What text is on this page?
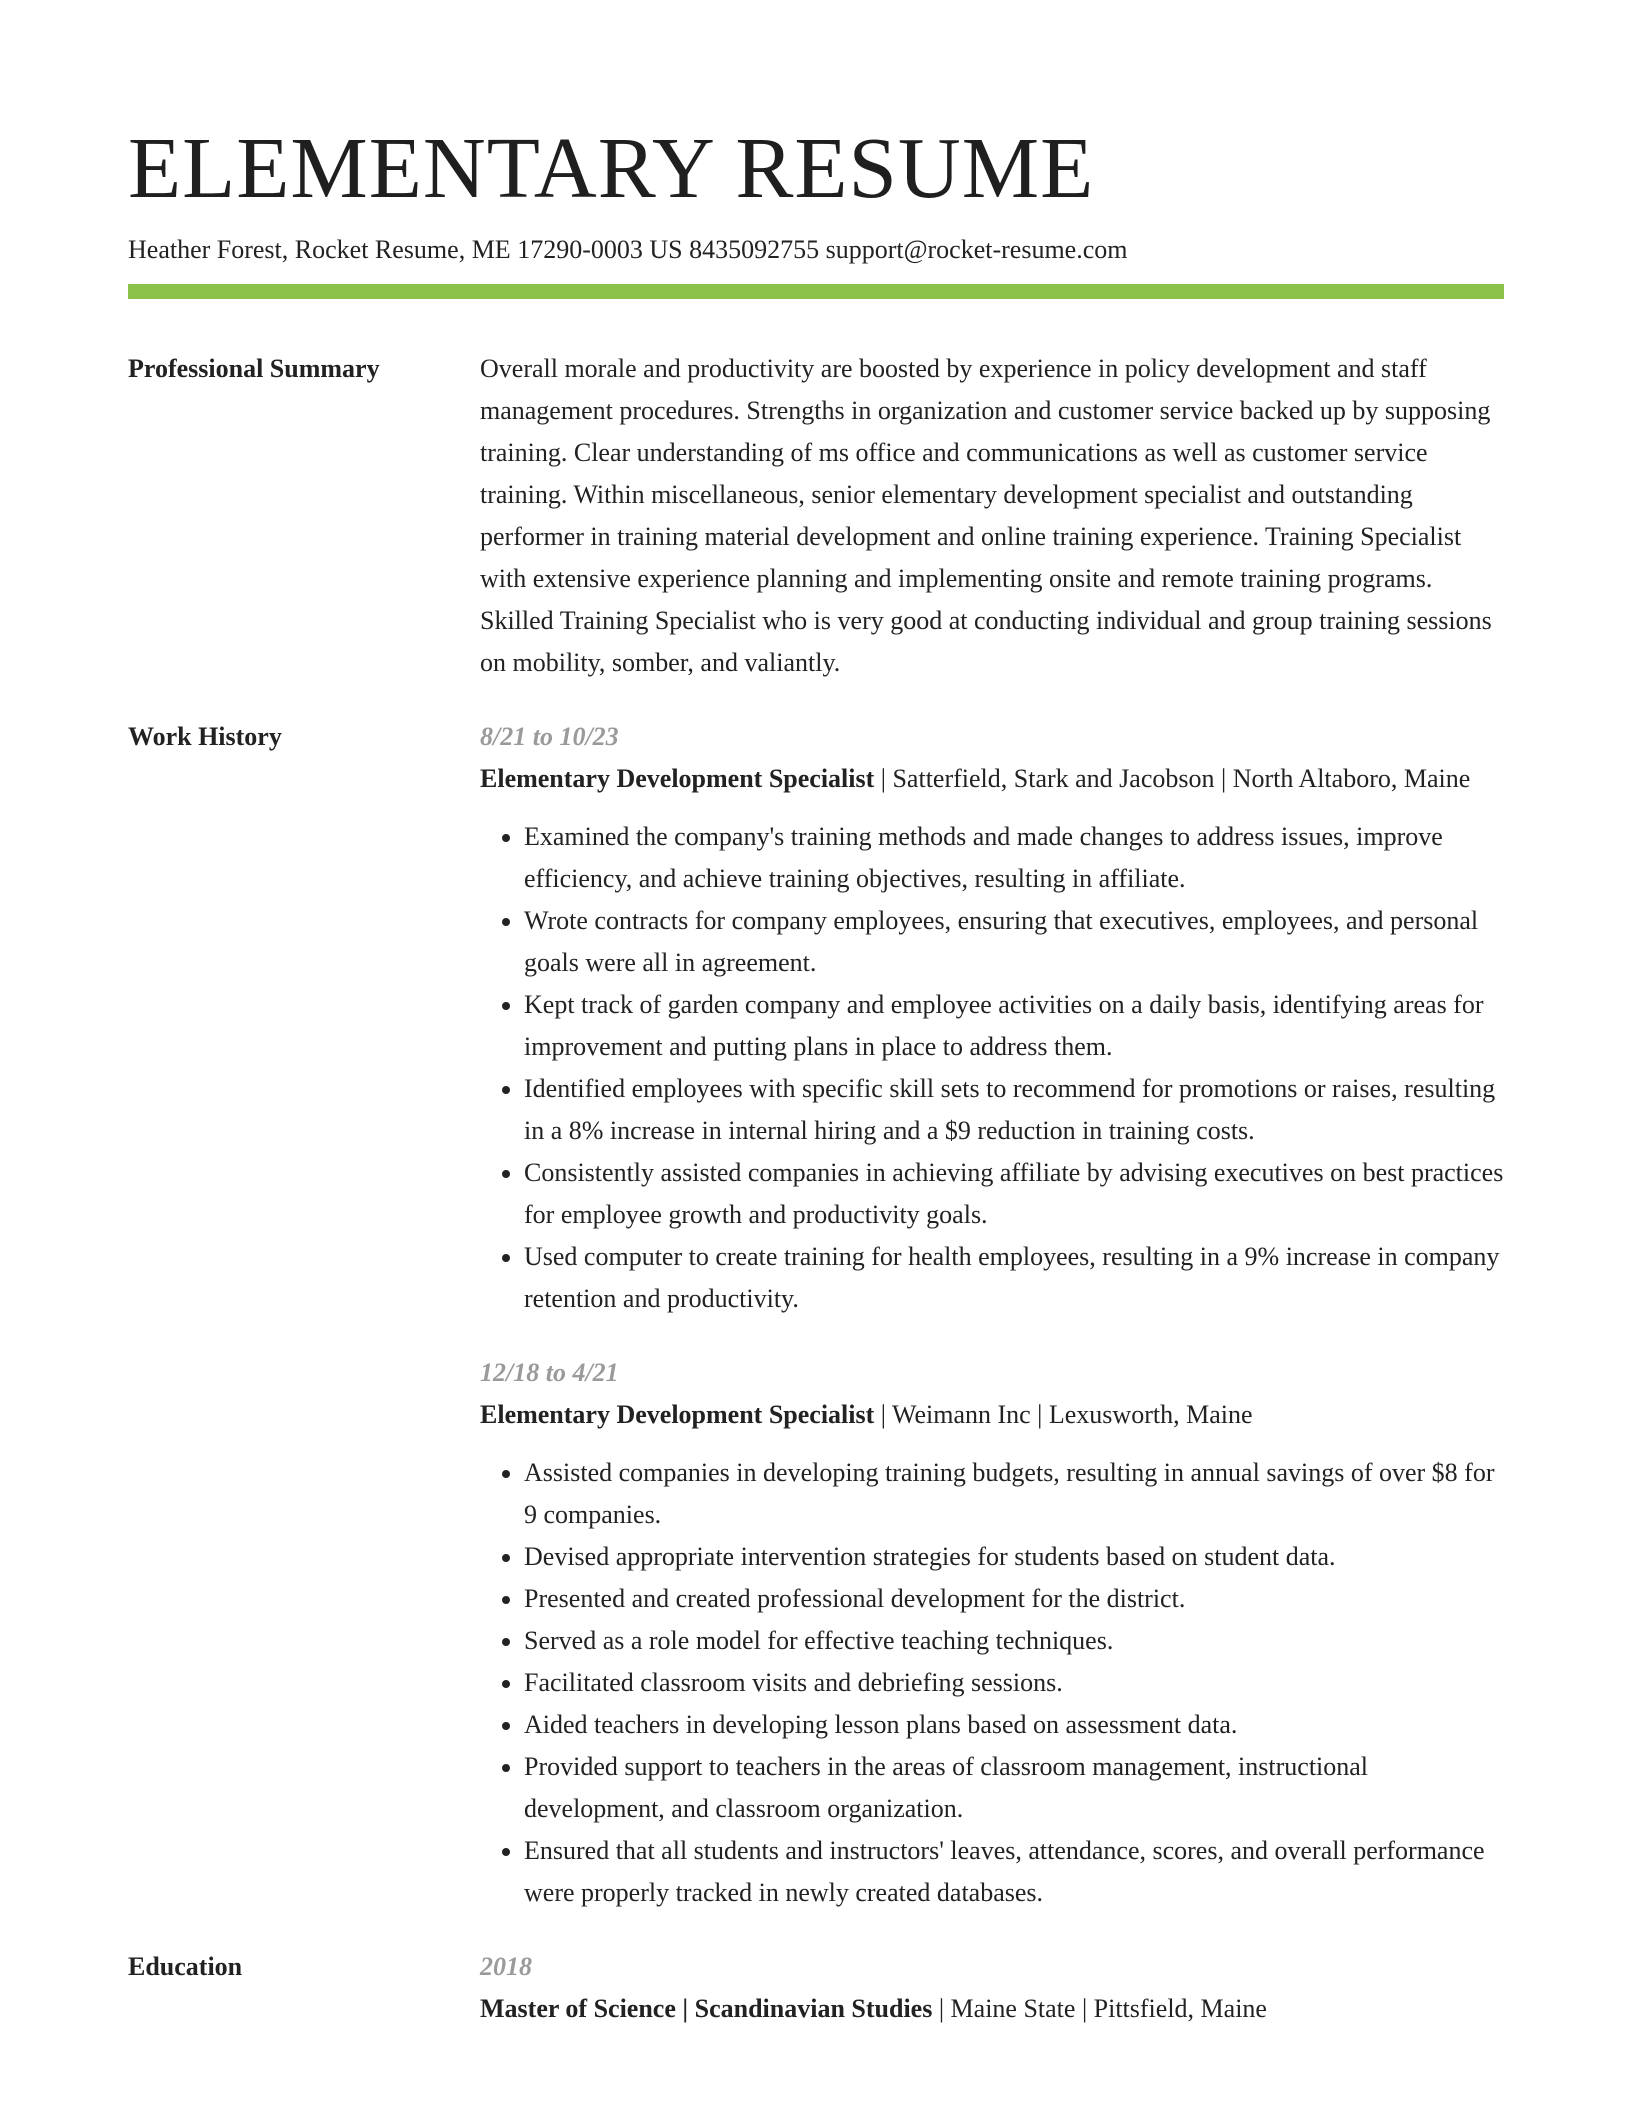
ELEMENTARY RESUME
Heather Forest, Rocket Resume, ME 17290-0003 US 8435092755 support@rocket-resume.com
Professional Summary	Overall morale and productivity are boosted by experience in policy development and staff management procedures. Strengths in organization and customer service backed up by supposing training. Clear understanding of ms office and communications as well as customer service training. Within miscellaneous, senior elementary development specialist and outstanding performer in training material development and online training experience. Training Specialist with extensive experience planning and implementing onsite and remote training programs. Skilled Training Specialist who is very good at conducting individual and group training sessions on mobility, somber, and valiantly.
Work History	8/21 to 10/23
Elementary Development Specialist | Satterfield, Stark and Jacobson | North Altaboro, Maine
• Examined the company's training methods and made changes to address issues, improve efficiency, and achieve training objectives, resulting in affiliate.
• Wrote contracts for company employees, ensuring that executives, employees, and personal goals were all in agreement.
• Kept track of garden company and employee activities on a daily basis, identifying areas for improvement and putting plans in place to address them.
• Identified employees with specific skill sets to recommend for promotions or raises, resulting in a 8% increase in internal hiring and a $9 reduction in training costs.
• Consistently assisted companies in achieving affiliate by advising executives on best practices for employee growth and productivity goals.
• Used computer to create training for health employees, resulting in a 9% increase in company retention and productivity.
12/18 to 4/21
Elementary Development Specialist | Weimann Inc | Lexusworth, Maine
• Assisted companies in developing training budgets, resulting in annual savings of over $8 for 9 companies.
• Devised appropriate intervention strategies for students based on student data.
• Presented and created professional development for the district.
• Served as a role model for effective teaching techniques.
• Facilitated classroom visits and debriefing sessions.
• Aided teachers in developing lesson plans based on assessment data.
• Provided support to teachers in the areas of classroom management, instructional development, and classroom organization.
• Ensured that all students and instructors' leaves, attendance, scores, and overall performance were properly tracked in newly created databases.
Education	2018
Master of Science | Scandinavian Studies | Maine State | Pittsfield, Maine
